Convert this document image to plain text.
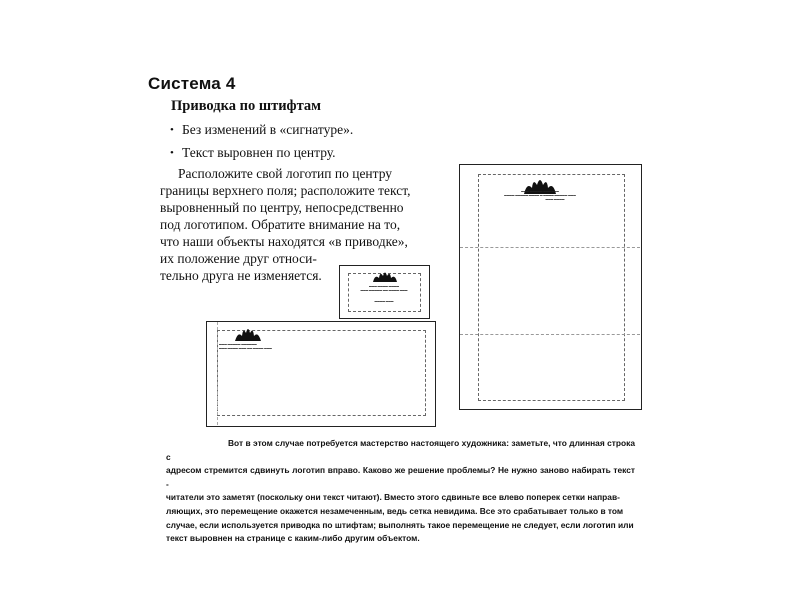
Система 4
Приводка по штифтам
• Без изменений в «сигнатуре».
• Текст выровнен по центру.
Расположите свой логотип по центру
границы верхнего поля; расположите текст,
выровненный по центру, непосредственно
под логотипом. Обратите внимание на то,
что наши объекты находятся «в приводке»,
их положение друг относи-
тельно друга не изменяется.
▬▬▬ ▬▬▬▬ ▬▬▬▬
▬▬▬ ▬▬▬▬▬ ▬▬ ▬▬▬▬ ▬▬▬
▬▬▬▬ ▬▬▬
▬▬▬ ▬▬▬▬▬ ▬▬▬▬▬▬
▬▬▬▬ ▬▬▬▬▬ ▬▬▬▬ ▬ ▬▬▬▬ ▬▬▬▬▬ ▬▬▬
▬▬▬ ▬▬▬▬
▬▬▬ ▬▬▬▬▬ ▬▬▬▬▬▬
▬▬▬ ▬▬▬▬ ▬▬▬ ▬▬ ▬▬▬▬ ▬▬▬
Вот в этом случае потребуется мастерство настоящего художника: заметьте, что длинная строка с
адресом стремится сдвинуть логотип вправо. Каково же решение проблемы? Не нужно заново набирать текст -
читатели это заметят (поскольку они текст читают). Вместо этого сдвиньте все влево поперек сетки направ-
ляющих, это перемещение окажется незамеченным, ведь сетка невидима. Все это срабатывает только в том
случае, если используется приводка по штифтам; выполнять такое перемещение не следует, если логотип или
текст выровнен на странице с каким-либо другим объектом.
